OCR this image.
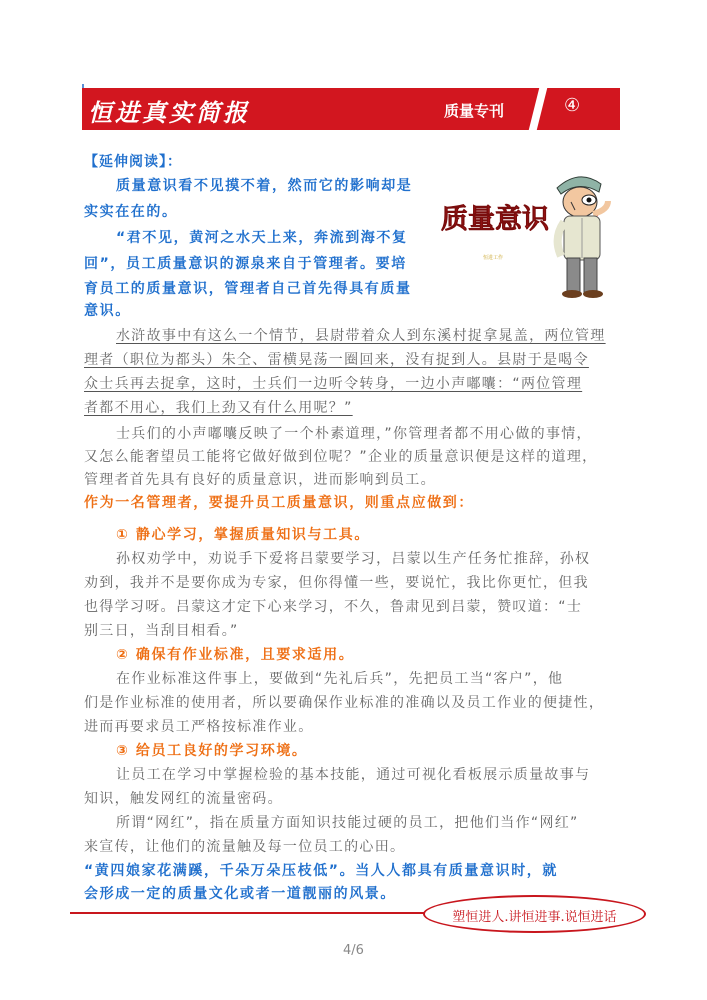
恒进真实简报	质量专刊	④
质量意识
恒进工作
【延伸阅读】：
质量意识看不见摸不着，然而它的影响却是
实实在在的。
“君不见，黄河之水天上来，奔流到海不复
回”，员工质量意识的源泉来自于管理者。要培
育员工的质量意识，管理者自己首先得具有质量
意识。
水浒故事中有这么一个情节，县尉带着众人到东溪村捉拿晁盖，两位管理
理者（职位为都头）朱仝、雷横晃荡一圈回来，没有捉到人。县尉于是喝令
众士兵再去捉拿，这时，士兵们一边听令转身，一边小声嘟囔：“两位管理
者都不用心，我们上劲又有什么用呢？”
士兵们的小声嘟囔反映了一个朴素道理，”你管理者都不用心做的事情，
又怎么能奢望员工能将它做好做到位呢？”企业的质量意识便是这样的道理，
管理者首先具有良好的质量意识，进而影响到员工。
作为一名管理者，要提升员工质量意识，则重点应做到：
① 静心学习，掌握质量知识与工具。
孙权劝学中，劝说手下爱将吕蒙要学习，吕蒙以生产任务忙推辞，孙权
劝到，我并不是要你成为专家，但你得懂一些，要说忙，我比你更忙，但我
也得学习呀。吕蒙这才定下心来学习，不久，鲁肃见到吕蒙，赞叹道：“士
别三日，当刮目相看。”
② 确保有作业标准，且要求适用。
在作业标准这件事上，要做到“先礼后兵”，先把员工当“客户”，他
们是作业标准的使用者，所以要确保作业标准的准确以及员工作业的便捷性，
进而再要求员工严格按标准作业。
③ 给员工良好的学习环境。
让员工在学习中掌握检验的基本技能，通过可视化看板展示质量故事与
知识，触发网红的流量密码。
所谓“网红”，指在质量方面知识技能过硬的员工，把他们当作“网红”
来宣传，让他们的流量触及每一位员工的心田。
“黄四娘家花满蹊，千朵万朵压枝低”。当人人都具有质量意识时，就
会形成一定的质量文化或者一道靓丽的风景。
塑恒进人.讲恒进事.说恒进话
4/6
